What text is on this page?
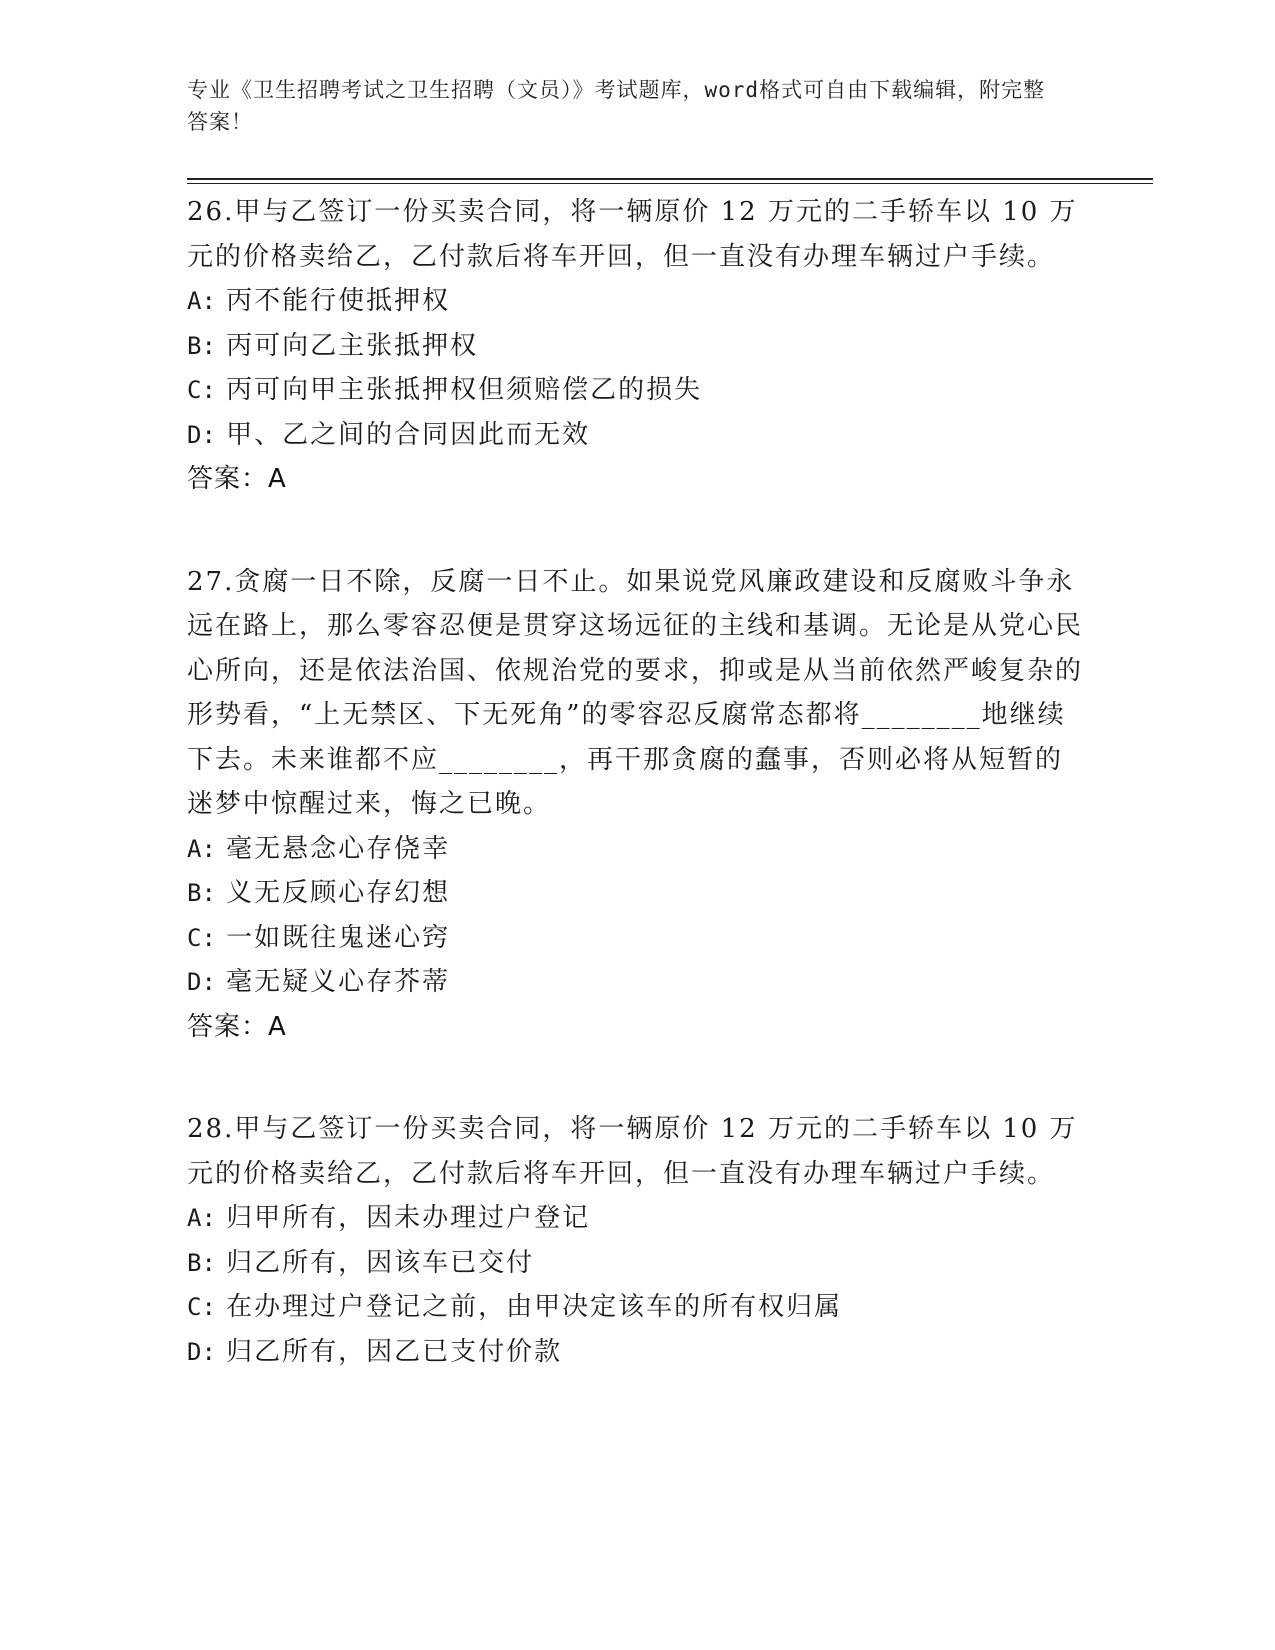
专业《卫生招聘考试之卫生招聘（文员）》考试题库，word格式可自由下载编辑，附完整答案！

26.甲与乙签订一份买卖合同，将一辆原价 12 万元的二手轿车以 10 万元的价格卖给乙，乙付款后将车开回，但一直没有办理车辆过户手续。

A: 丙不能行使抵押权

B: 丙可向乙主张抵押权

C: 丙可向甲主张抵押权但须赔偿乙的损失

D: 甲、乙之间的合同因此而无效

答案：A

27.贪腐一日不除，反腐一日不止。如果说党风廉政建设和反腐败斗争永远在路上，那么零容忍便是贯穿这场远征的主线和基调。无论是从党心民心所向，还是依法治国、依规治党的要求，抑或是从当前依然严峻复杂的形势看，“上无禁区、下无死角”的零容忍反腐常态都将________地继续下去。未来谁都不应________，再干那贪腐的蠢事，否则必将从短暂的迷梦中惊醒过来，悔之已晚。

A: 毫无悬念心存侥幸

B: 义无反顾心存幻想

C: 一如既往鬼迷心窍

D: 毫无疑义心存芥蒂

答案：A

28.甲与乙签订一份买卖合同，将一辆原价 12 万元的二手轿车以 10 万元的价格卖给乙，乙付款后将车开回，但一直没有办理车辆过户手续。

A: 归甲所有，因未办理过户登记

B: 归乙所有，因该车已交付

C: 在办理过户登记之前，由甲决定该车的所有权归属

D: 归乙所有，因乙已支付价款
